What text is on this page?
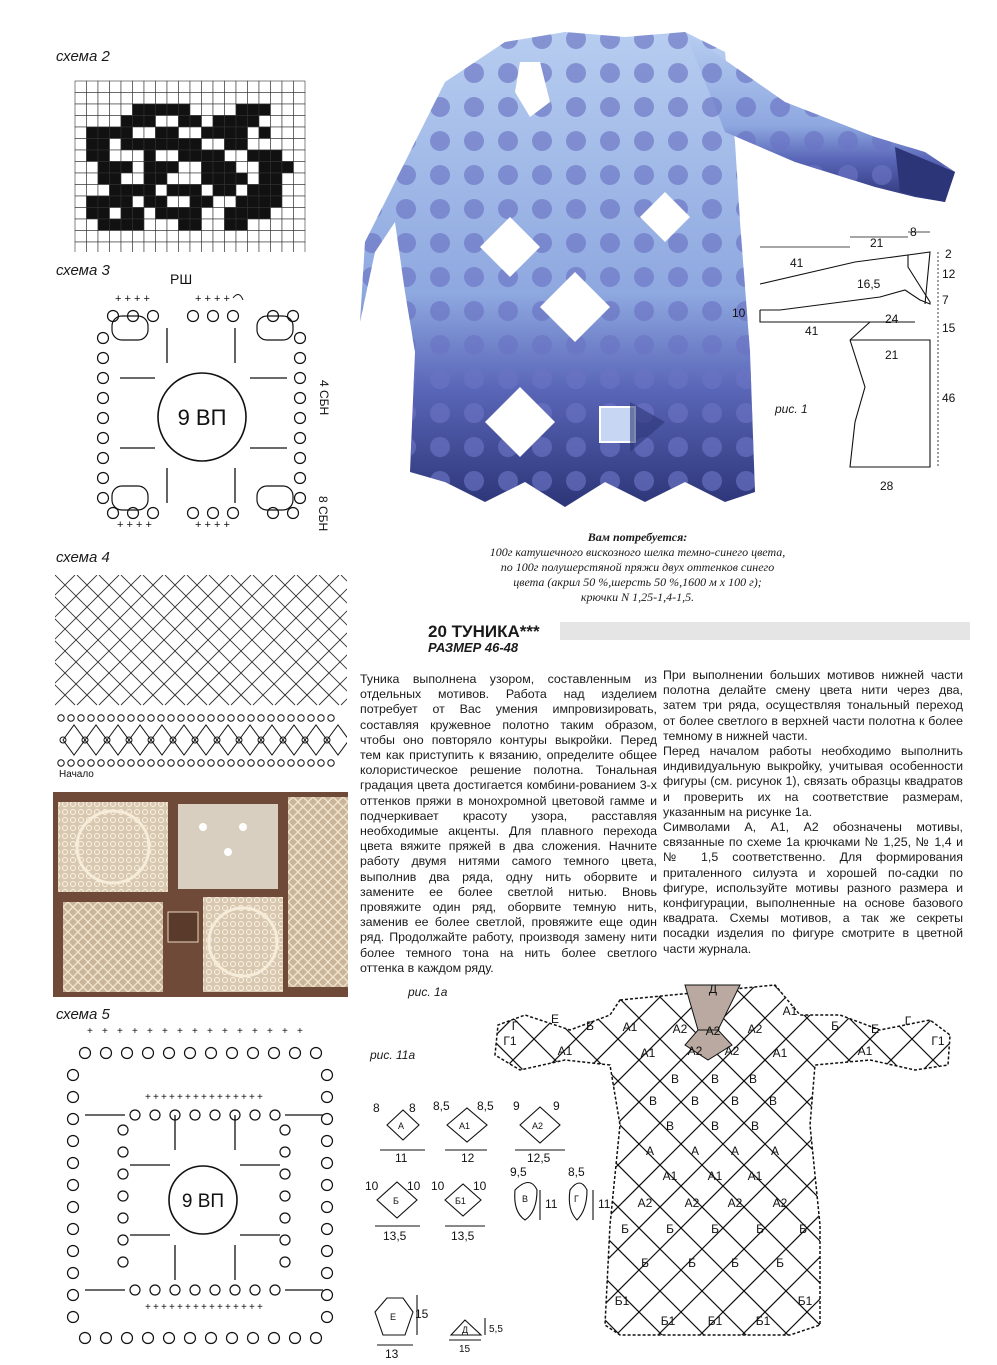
схема 2
схема 3
схема 4
схема 5
РШ
+ + + +	+ + + +
+ + + +	+ + + +
9 ВП
4 СБН
8 СБН
Начало
+
+
+
+
+
+
+
+
+
+
+
+
+
+
+
+
+
+
+
+
+
+
+
+
+
+
+
+
+
+
+
+
+
+
+
+
+
+
+
+
+
+
+
+
+
9 ВП
41
21
8
2
12
16,5
10
7
41
24
15
21
46
28
рис. 1
Вам потребуется:
100г катушечного вискозного шелка темно-синего цвета,
по 100г полушерстяной пряжи двух оттенков синего
цвета (акрил 50 %,шерсть 50 %,1600 м х 100 г);
крючки N 1,25-1,4-1,5.
20 ТУНИКА***
РАЗМЕР 46-48
Туника выполнена узором, составленным из отдельных мотивов. Работа над изделием потребует от Вас умения импровизировать, составляя кружевное полотно таким образом, чтобы оно повторяло контуры выкройки. Перед тем как приступить к вязанию, определите общее колористическое решение полотна. Тональная градация цвета достигается комбини-рованием 3-х оттенков пряжи в монохромной цветовой гамме и подчеркивает красоту узора, расставляя необходимые акценты. Для плавного перехода цвета вяжите пряжей в два сложения. Начните работу двумя нитями самого темного цвета, выполнив два ряда, одну нить оборвите и замените ее более светлой нитью. Вновь провяжите один ряд, оборвите темную нить, заменив ее более светлой, провяжите еще один ряд. Продолжайте работу, производя замену нити более темного тона на нить более светлого оттенка в каждом ряду.
При выполнении больших мотивов нижней части полотна делайте смену цвета нити через два, затем три ряда, осуществляя тональный переход от более светлого в верхней части полотна к более темному в нижней части.
Перед началом работы необходимо выполнить индивидуальную выкройку, учитывая особенности фигуры (см. рисунок 1), связать образцы квадратов и проверить их на соответствие размерам, указанным на рисунке 1а.
Символами А, А1, А2 обозначены мотивы, связанные по схеме 1а крючками № 1,25, № 1,4 и № 1,5 соответственно. Для формирования приталенного силуэта и хорошей по-садки по фигуре, используйте мотивы разного размера и конфигурации, выполненные на основе базового квадрата. Схемы мотивов, а так же секреты посадки изделия по фигуре смотрите в цветной части журнала.
рис. 1а
рис. 11а
А
8 8
11
А1
8,5 8,5
12
А2
9	9
12,5
Б
10 10
13,5
Б1
10 10
13,5
В
9,5
11 Г
8,5
11
Е 15
13
Д 5,5
15
Д
А2
А2	А2
А2
А2
А1	А1
А1
А1
В	В В
В	В	В В
В	В	В
А	А	А	А
А1	А1 А1
А2	А2 А2	А2
Б	Б	Б	Б	Б
Б	Б	Б	Б
Б1
Б1	Б1	Б1
Б1
Г1	Г1
Г	Г
Е
Е
А1	А1
Б	Б
